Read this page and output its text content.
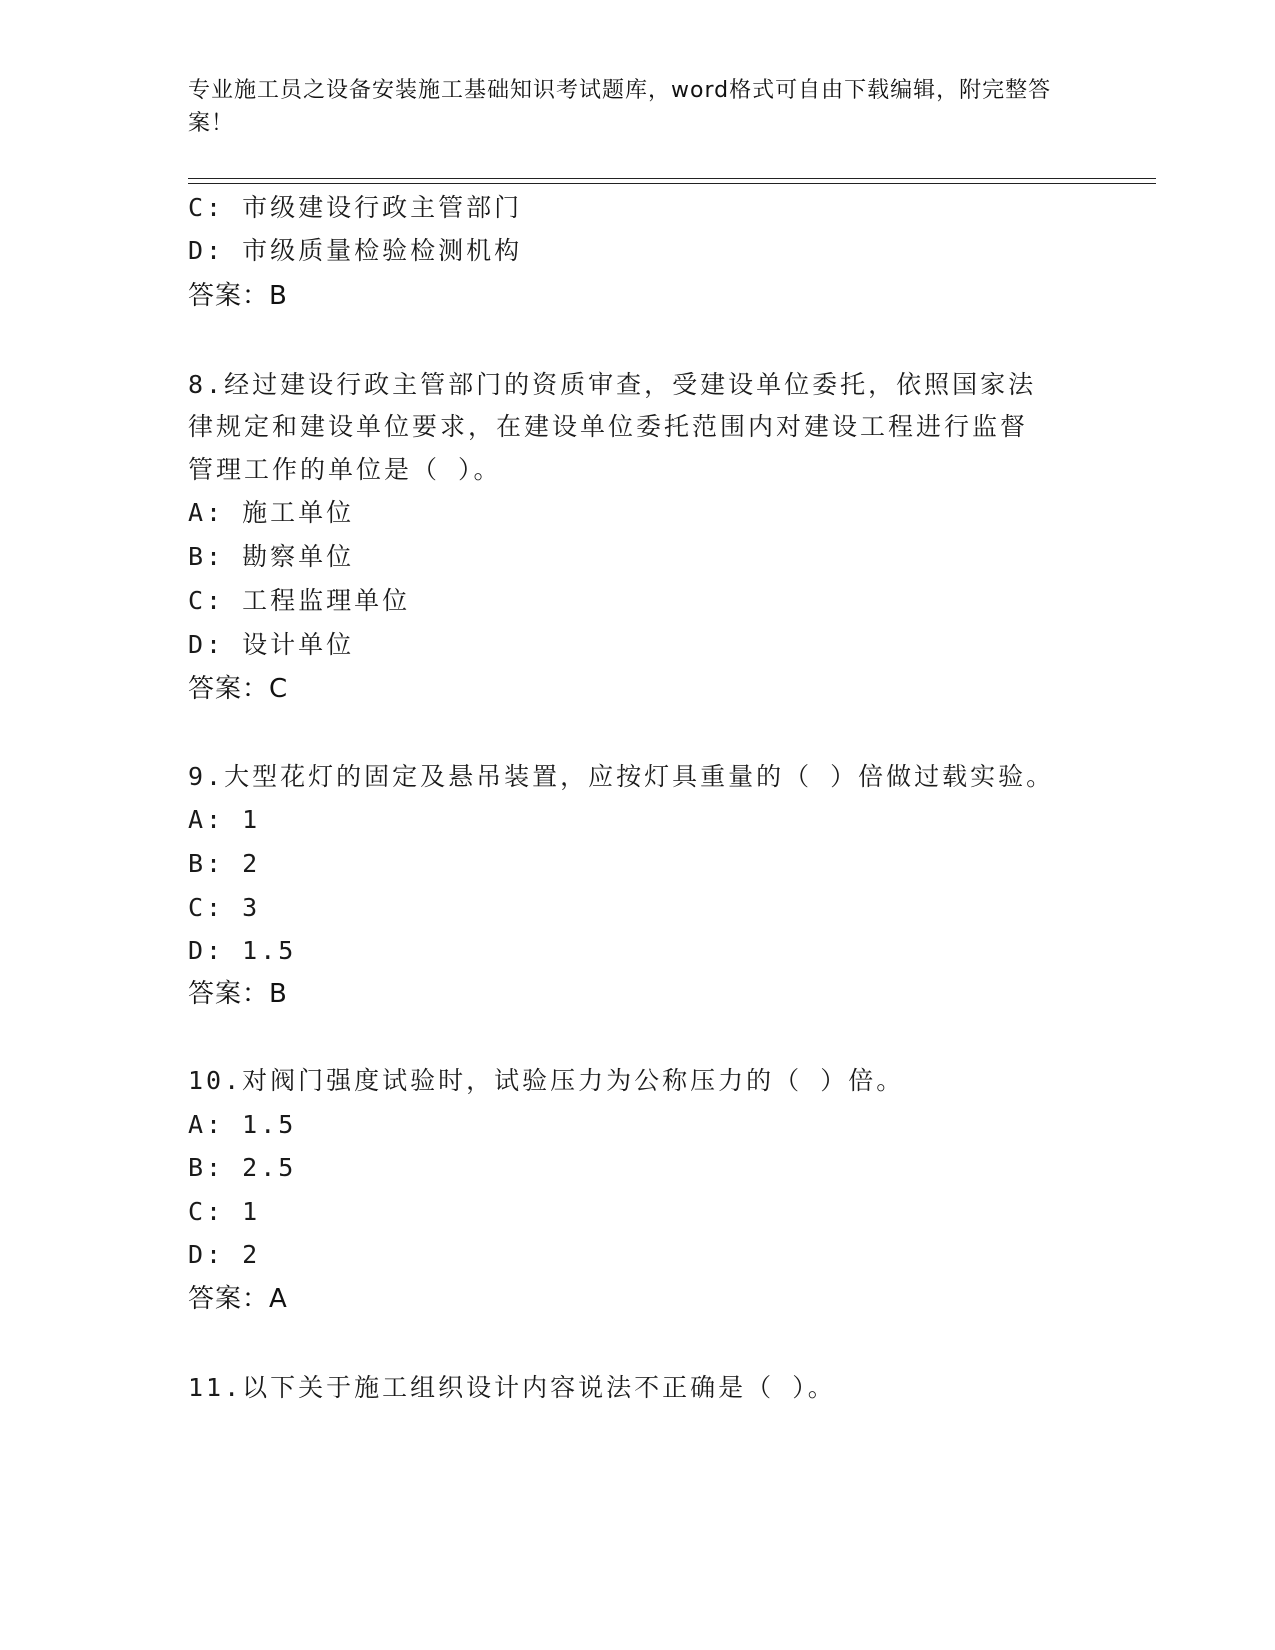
专业施工员之设备安装施工基础知识考试题库，word格式可自由下载编辑，附完整答案！
C: 市级建设行政主管部门
D: 市级质量检验检测机构
答案：B
8.经过建设行政主管部门的资质审查，受建设单位委托，依照国家法
律规定和建设单位要求，在建设单位委托范围内对建设工程进行监督
管理工作的单位是（ ）。
A: 施工单位
B: 勘察单位
C: 工程监理单位
D: 设计单位
答案：C
9.大型花灯的固定及悬吊装置，应按灯具重量的（ ）倍做过载实验。
A: 1
B: 2
C: 3
D: 1.5
答案：B
10.对阀门强度试验时，试验压力为公称压力的（ ）倍。
A: 1.5
B: 2.5
C: 1
D: 2
答案：A
11.以下关于施工组织设计内容说法不正确是（ ）。
